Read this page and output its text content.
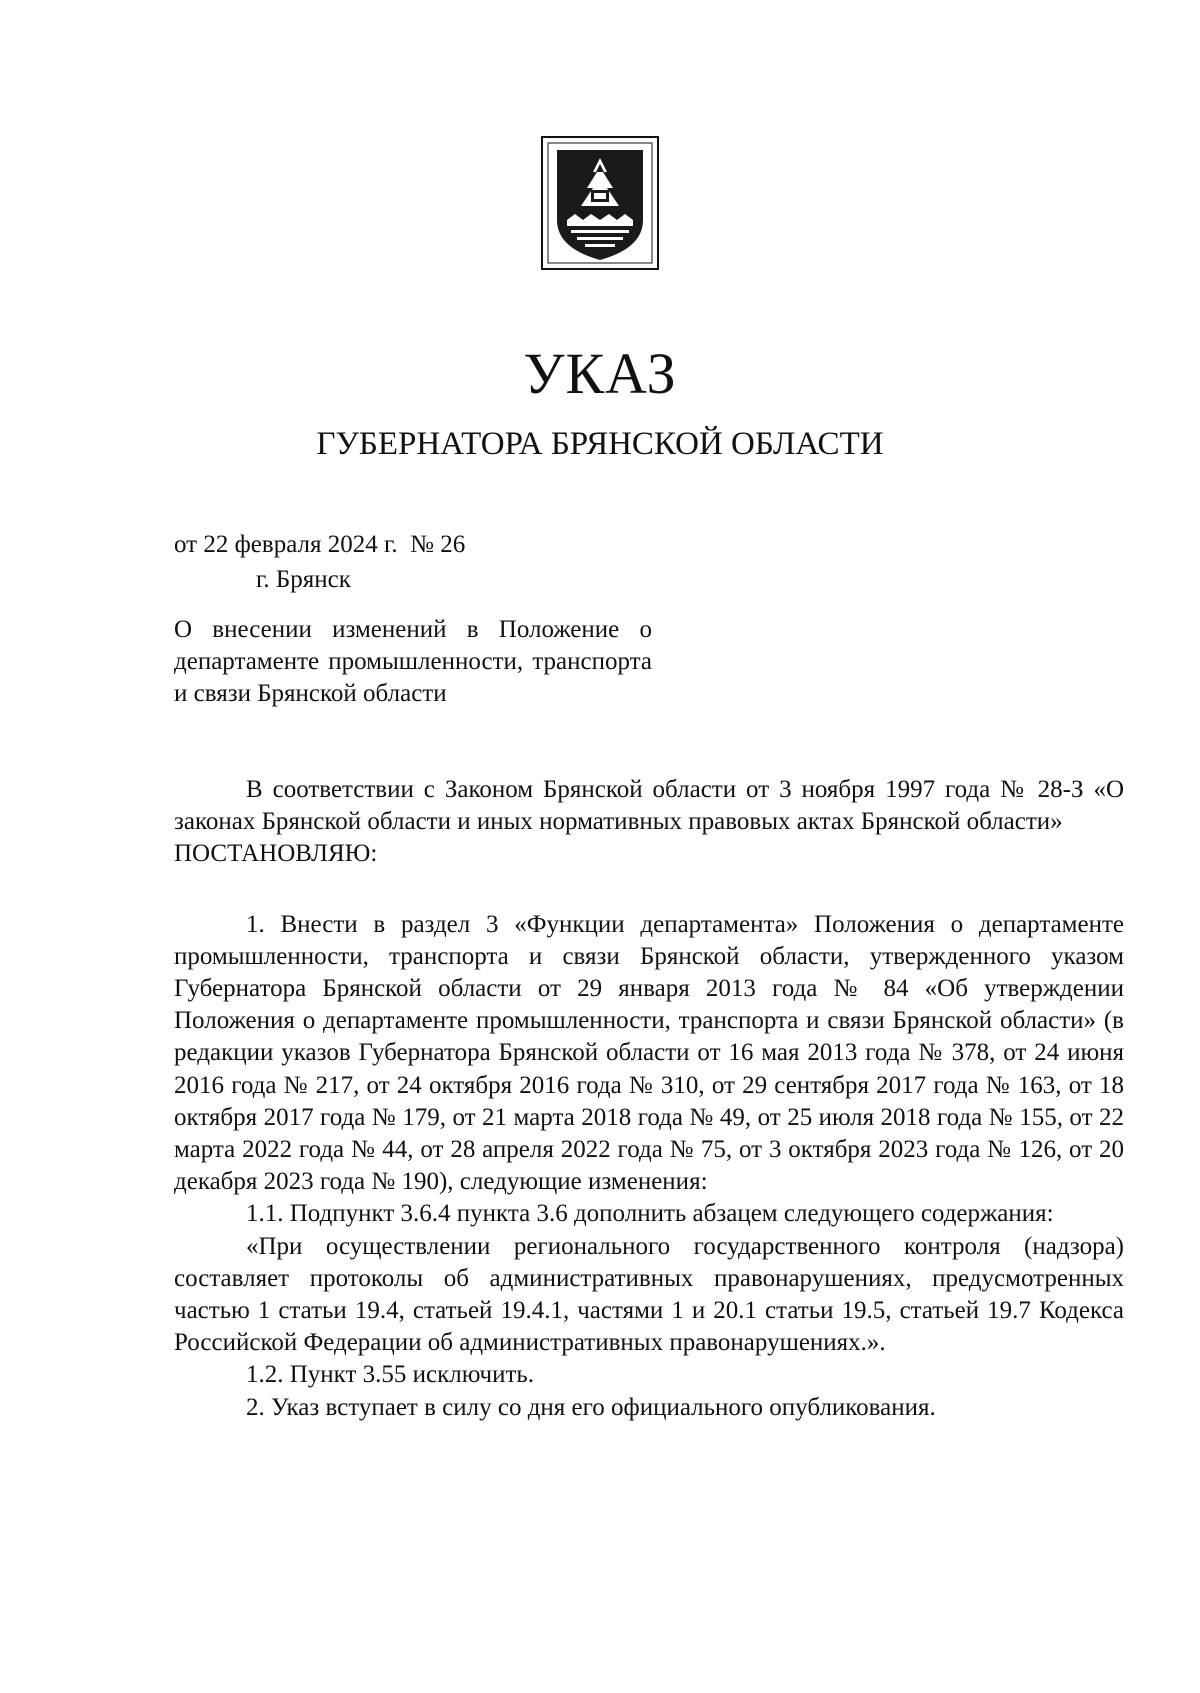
УКАЗ
ГУБЕРНАТОРА БРЯНСКОЙ ОБЛАСТИ
от 22 февраля 2024 г.  № 26
г. Брянск
О внесении изменений в Положение о департаменте промышленности, транспорта и связи Брянской области

В соответствии с Законом Брянской области от 3 ноября 1997 года № 28-З «О законах Брянской области и иных нормативных правовых актах Брянской области»

ПОСТАНОВЛЯЮ:

1. Внести в раздел 3 «Функции департамента» Положения о департаменте промышленности, транспорта и связи Брянской области, утвержденного указом Губернатора Брянской области от 29 января 2013 года № 84 «Об утверждении Положения о департаменте промышленности, транспорта и связи Брянской области» (в редакции указов Губернатора Брянской области от 16 мая 2013 года № 378, от 24 июня 2016 года № 217, от 24 октября 2016 года № 310, от 29 сентября 2017 года № 163, от 18 октября 2017 года № 179, от 21 марта 2018 года № 49, от 25 июля 2018 года № 155, от 22 марта 2022 года № 44, от 28 апреля 2022 года № 75, от 3 октября 2023 года № 126, от 20 декабря 2023 года № 190), следующие изменения:

1.1. Подпункт 3.6.4 пункта 3.6 дополнить абзацем следующего содержания:

«При осуществлении регионального государственного контроля (надзора) составляет протоколы об административных правонарушениях, предусмотренных частью 1 статьи 19.4, статьей 19.4.1, частями 1 и 20.1 статьи 19.5, статьей 19.7 Кодекса Российской Федерации об административных правонарушениях.».

1.2. Пункт 3.55 исключить.

2. Указ вступает в силу со дня его официального опубликования.
